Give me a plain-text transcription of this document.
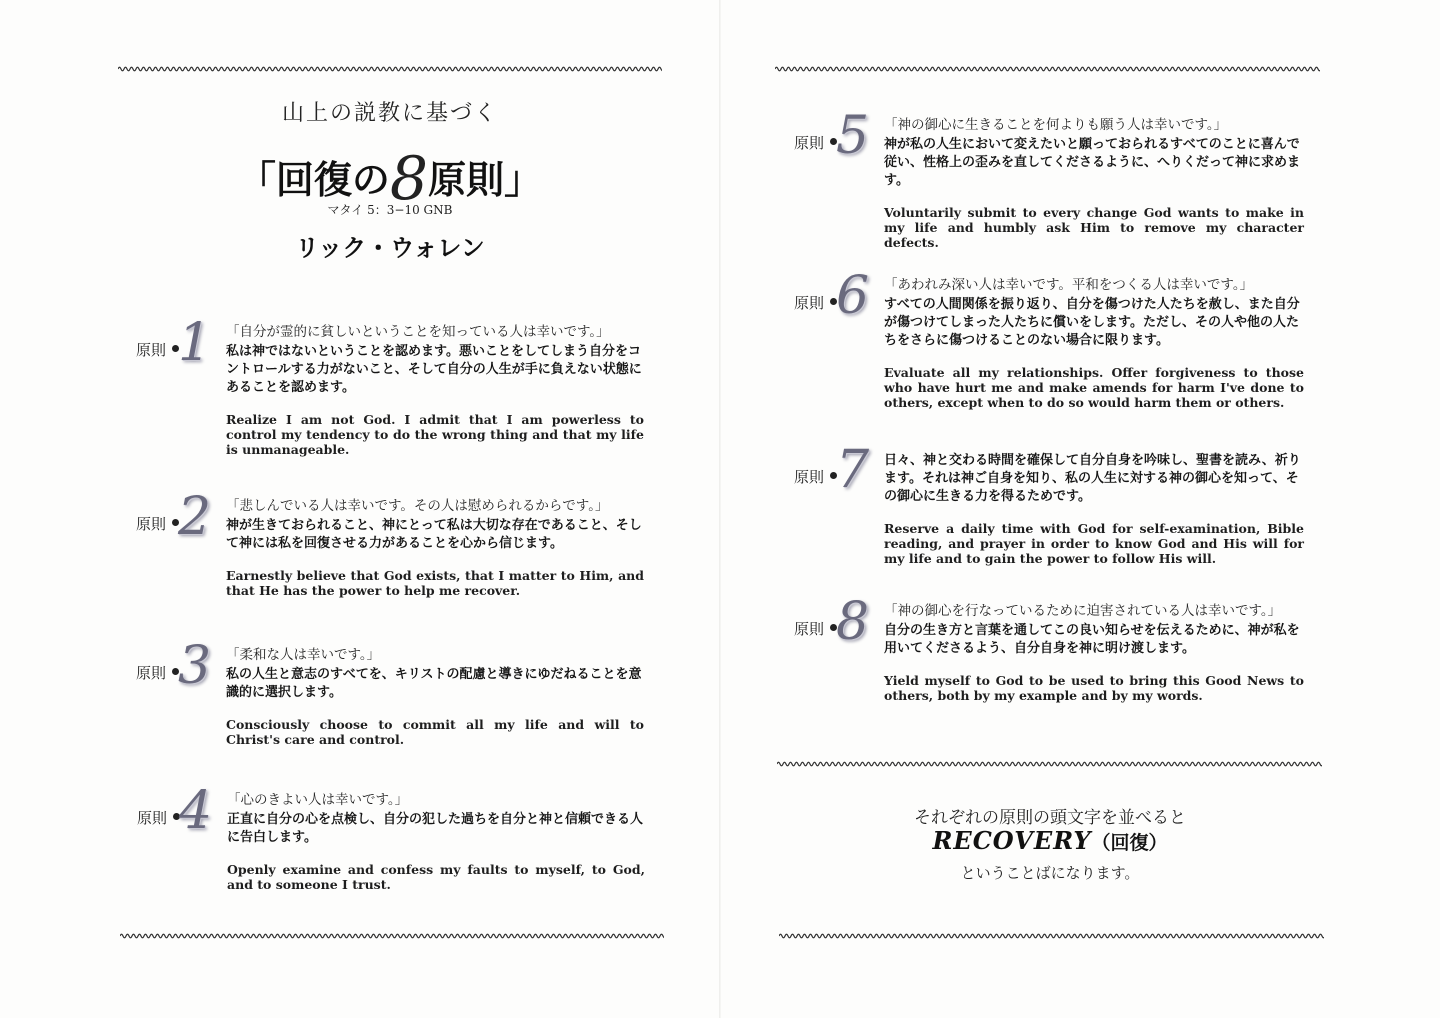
山上の説教に基づく
「回復の8原則」
マタイ 5：3−10 GNB
リック・ウォレン
原則 1 「自分が霊的に貧しいということを知っている人は幸いです。」
私は神ではないということを認めます。悪いことをしてしまう自分をコントロールする力がないこと、そして自分の人生が手に負えない状態にあることを認めます。
Realize I am not God. I admit that I am powerless to control my tendency to do the wrong thing and that my life is unmanageable.
原則 2 「悲しんでいる人は幸いです。その人は慰められるからです。」
神が生きておられること、神にとって私は大切な存在であること、そして神には私を回復させる力があることを心から信じます。
Earnestly believe that God exists, that I matter to Him, and that He has the power to help me recover.
原則 3 「柔和な人は幸いです。」
私の人生と意志のすべてを、キリストの配慮と導きにゆだねることを意識的に選択します。
Consciously choose to commit all my life and will to Christ's care and control.
原則 4 「心のきよい人は幸いです。」
正直に自分の心を点検し、自分の犯した過ちを自分と神と信頼できる人に告白します。
Openly examine and confess my faults to myself, to God, and to someone I trust.
原則 5 「神の御心に生きることを何よりも願う人は幸いです。」
神が私の人生において変えたいと願っておられるすべてのことに喜んで従い、性格上の歪みを直してくださるように、へりくだって神に求めます。
Voluntarily submit to every change God wants to make in my life and humbly ask Him to remove my character defects.
原則 6 「あわれみ深い人は幸いです。平和をつくる人は幸いです。」
すべての人間関係を振り返り、自分を傷つけた人たちを赦し、また自分が傷つけてしまった人たちに償いをします。ただし、その人や他の人たちをさらに傷つけることのない場合に限ります。
Evaluate all my relationships. Offer forgiveness to those who have hurt me and make amends for harm I've done to others, except when to do so would harm them or others.
原則 7 日々、神と交わる時間を確保して自分自身を吟味し、聖書を読み、祈ります。それは神ご自身を知り、私の人生に対する神の御心を知って、その御心に生きる力を得るためです。
Reserve a daily time with God for self-examination, Bible reading, and prayer in order to know God and His will for my life and to gain the power to follow His will.
原則 8 「神の御心を行なっているために迫害されている人は幸いです。」
自分の生き方と言葉を通してこの良い知らせを伝えるために、神が私を用いてくださるよう、自分自身を神に明け渡します。
Yield myself to God to be used to bring this Good News to others, both by my example and by my words.
それぞれの原則の頭文字を並べると
RECOVERY（回復）
ということばになります。
